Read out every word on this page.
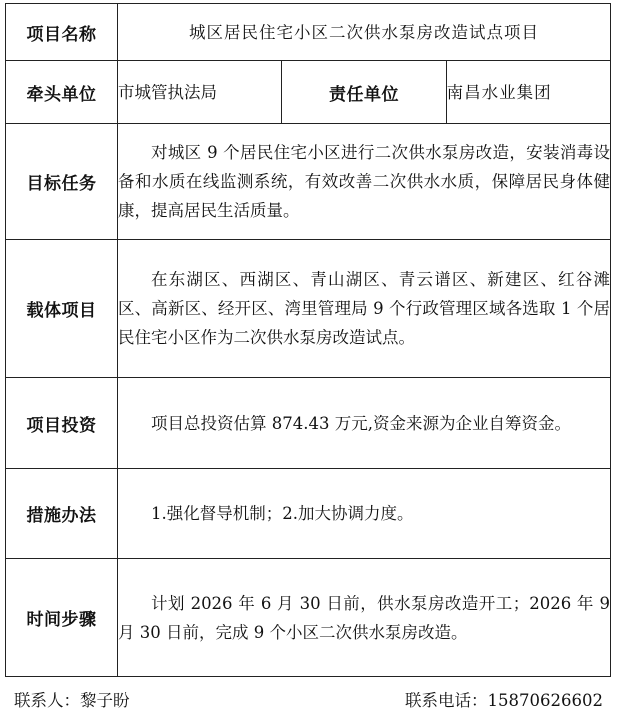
项目名称	城区居民住宅小区二次供水泵房改造试点项目		
牵头单位	市城管执法局	责任单位	南昌水业集团
目标任务	对城区 9 个居民住宅小区进行二次供水泵房改造，安装消毒设备和水质在线监测系统，有效改善二次供水水质，保障居民身体健康，提高居民生活质量。		
载体项目	在东湖区、西湖区、青山湖区、青云谱区、新建区、红谷滩区、高新区、经开区、湾里管理局 9 个行政管理区域各选取 1 个居民住宅小区作为二次供水泵房改造试点。		
项目投资	项目总投资估算 874.43 万元,资金来源为企业自筹资金。		
措施办法	1.强化督导机制；2.加大协调力度。		
时间步骤	计划 2026 年 6 月 30 日前，供水泵房改造开工；2026 年 9 月 30 日前，完成 9 个小区二次供水泵房改造。		
联系人：黎子盼	联系电话：15870626602
